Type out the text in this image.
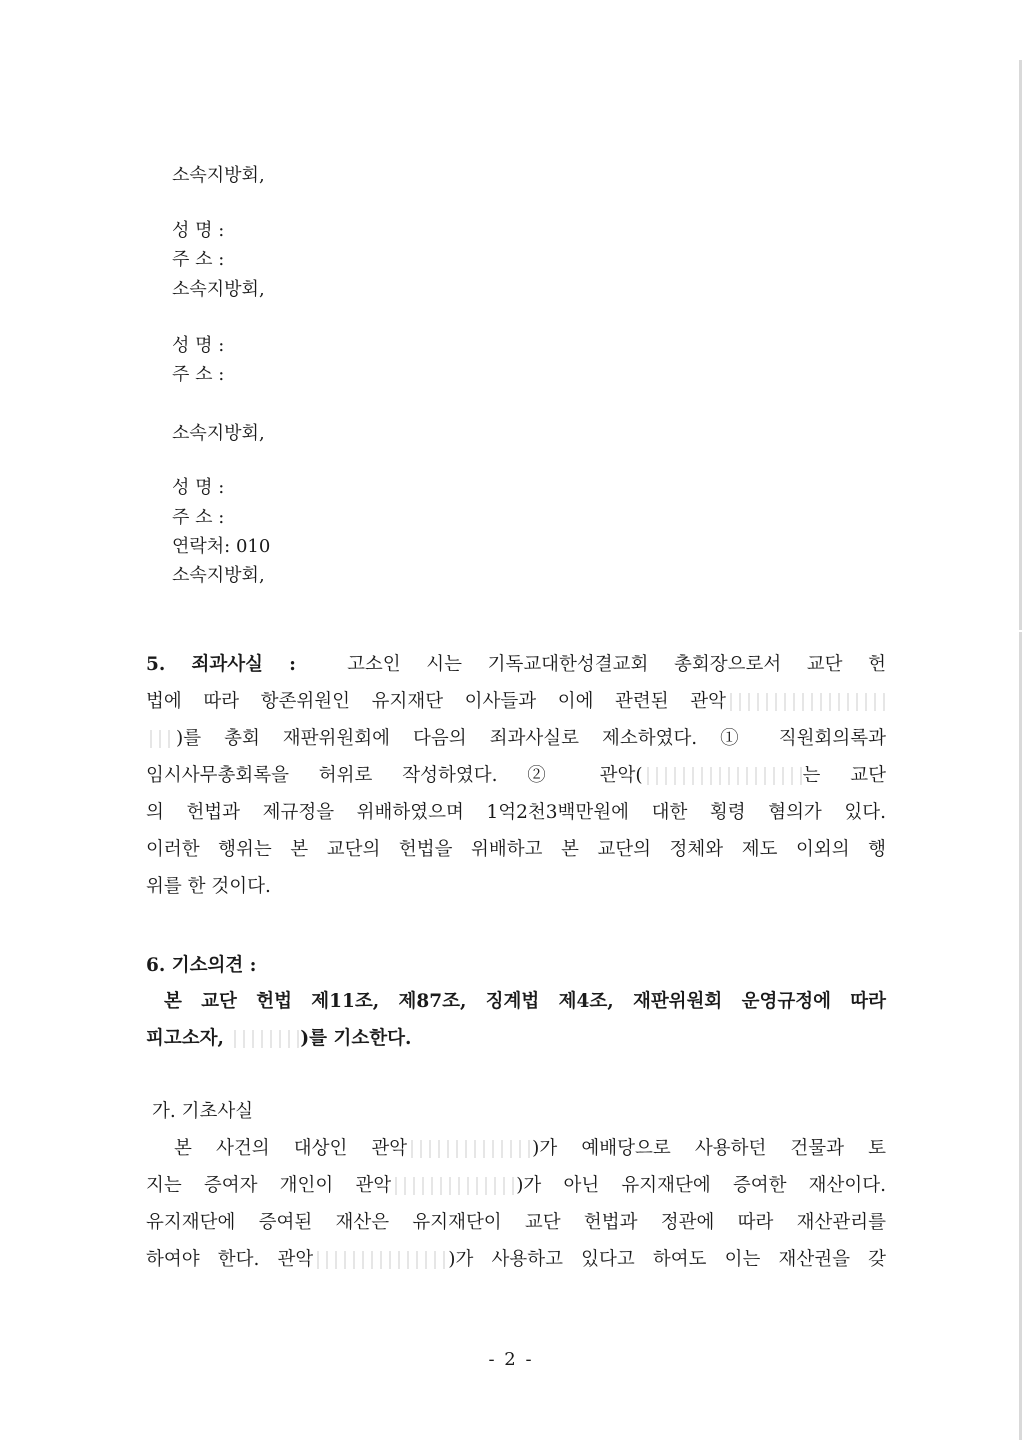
소속지방회,
성 명 :
주 소 :
소속지방회,
성 명 :
주 소 :
소속지방회,
성 명 :
주 소 :
연락처: 010
소속지방회,
5. 죄과사실 :	고소인 시는 기독교대한성결교회 총회장으로서 교단 헌
법에 따라 항존위원인 유지재단 이사들과 이에 관련된 관악
)를 총회 재판위원회에 다음의 죄과사실로 제소하였다. ① 직원회의록과
임시사무총회록을 허위로 작성하였다. ② 관악(	는 교단
의 헌법과 제규정을 위배하였으며 1억2천3백만원에 대한 횡령 혐의가 있다.
이러한 행위는 본 교단의 헌법을 위배하고 본 교단의 정체와 제도 이외의 행
위를 한 것이다.
6. 기소의견 :
본 교단 헌법 제11조, 제87조, 징계법 제4조, 재판위원회 운영규정에 따라
피고소자,	)를 기소한다.
가. 기초사실
본 사건의 대상인 관악	)가 예배당으로 사용하던 건물과 토
지는 증여자 개인이 관악	)가 아닌 유지재단에 증여한 재산이다.
유지재단에 증여된 재산은 유지재단이 교단 헌법과 정관에 따라 재산관리를
하여야 한다. 관악	)가 사용하고 있다고 하여도 이는 재산권을 갖
- 2 -
